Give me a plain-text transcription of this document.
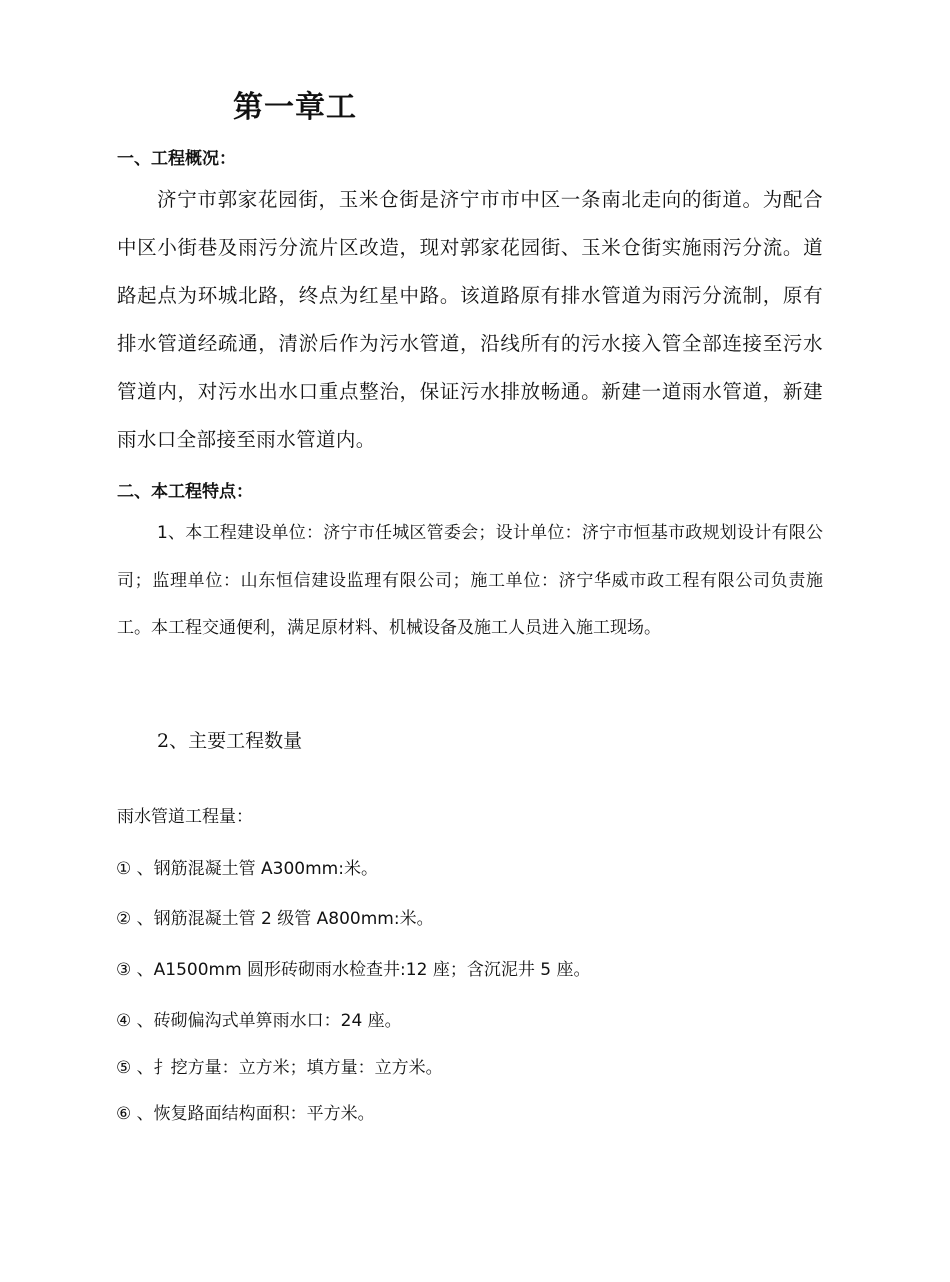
第一章工
一、工程概况：
济宁市郭家花园街，玉米仓街是济宁市市中区一条南北走向的街道。为配合中区小街巷及雨污分流片区改造，现对郭家花园街、玉米仓街实施雨污分流。道路起点为环城北路，终点为红星中路。该道路原有排水管道为雨污分流制，原有排水管道经疏通，清淤后作为污水管道，沿线所有的污水接入管全部连接至污水管道内，对污水出水口重点整治，保证污水排放畅通。新建一道雨水管道，新建雨水口全部接至雨水管道内。
二、本工程特点：
1、本工程建设单位：济宁市任城区管委会；设计单位：济宁市恒基市政规划设计有限公司；监理单位：山东恒信建设监理有限公司；施工单位：济宁华威市政工程有限公司负责施工。本工程交通便利，满足原材料、机械设备及施工人员进入施工现场。
2、主要工程数量
雨水管道工程量：
① 、钢筋混凝土管 A300mm:米。
② 、钢筋混凝土管 2 级管 A800mm:米。
③ 、A1500mm 圆形砖砌雨水检查井:12 座；含沉泥井 5 座。
④ 、砖砌偏沟式单箅雨水口：24 座。
⑤ 、扌挖方量：立方米；填方量：立方米。
⑥ 、恢复路面结构面积：平方米。
